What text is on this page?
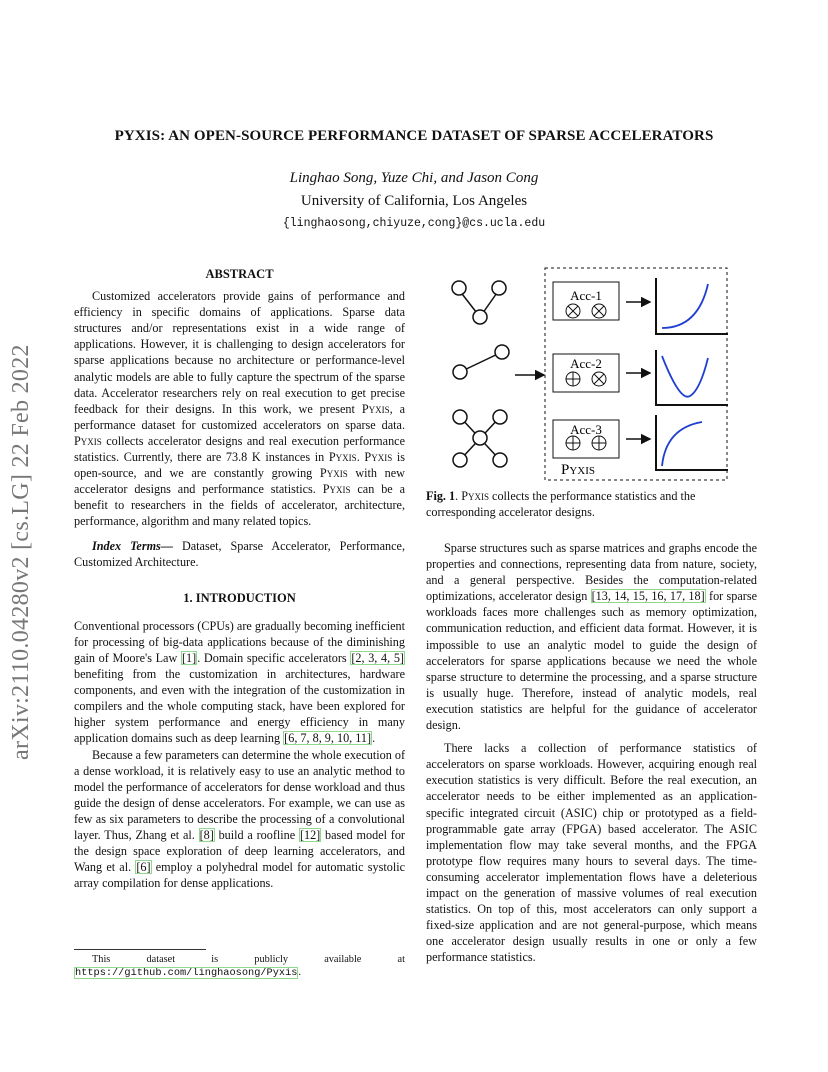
arXiv:2110.04280v2 [cs.LG] 22 Feb 2022
PYXIS: AN OPEN-SOURCE PERFORMANCE DATASET OF SPARSE ACCELERATORS
Linghao Song, Yuze Chi, and Jason Cong
University of California, Los Angeles
{linghaosong,chiyuze,cong}@cs.ucla.edu

ABSTRACT

Customized accelerators provide gains of performance and efficiency in specific domains of applications. Sparse data structures and/or representations exist in a wide range of applications. However, it is challenging to design accelerators for sparse applications because no architecture or performance-level analytic models are able to fully capture the spectrum of the sparse data. Accelerator researchers rely on real execution to get precise feedback for their designs. In this work, we present Pyxis, a performance dataset for customized accelerators on sparse data. Pyxis collects accelerator designs and real execution performance statistics. Currently, there are 73.8 K instances in Pyxis. Pyxis is open-source, and we are constantly growing Pyxis with new accelerator designs and performance statistics. Pyxis can be a benefit to researchers in the fields of accelerator, architecture, performance, algorithm and many related topics.

Index Terms— Dataset, Sparse Accelerator, Performance, Customized Architecture.

1. INTRODUCTION

Conventional processors (CPUs) are gradually becoming inefficient for processing of big-data applications because of the diminishing gain of Moore's Law [1]. Domain specific accelerators [2, 3, 4, 5] benefiting from the customization in architectures, hardware components, and even with the integration of the customization in compilers and the whole computing stack, have been explored for higher system performance and energy efficiency in many application domains such as deep learning [6, 7, 8, 9, 10, 11].

Because a few parameters can determine the whole execution of a dense workload, it is relatively easy to use an analytic method to model the performance of accelerators for dense workload and thus guide the design of dense accelerators. For example, we can use as few as six parameters to describe the processing of a convolutional layer. Thus, Zhang et al. [8] build a roofline [12] based model for the design space exploration of deep learning accelerators, and Wang et al. [6] employ a polyhedral model for automatic systolic array compilation for dense applications.

This dataset is publicly available at https://github.com/linghaosong/Pyxis.
Acc-1
Acc-2
Acc-3
Pyxis
Fig. 1. Pyxis collects the performance statistics and the corresponding accelerator designs.

Sparse structures such as sparse matrices and graphs encode the properties and connections, representing data from nature, society, and a general perspective. Besides the computation-related optimizations, accelerator design [13, 14, 15, 16, 17, 18] for sparse workloads faces more challenges such as memory optimization, communication reduction, and efficient data format. However, it is impossible to use an analytic model to guide the design of accelerators for sparse applications because we need the whole sparse structure to determine the processing, and a sparse structure is usually huge. Therefore, instead of analytic models, real execution statistics are helpful for the guidance of accelerator design.

There lacks a collection of performance statistics of accelerators on sparse workloads. However, acquiring enough real execution statistics is very difficult. Before the real execution, an accelerator needs to be either implemented as an application-specific integrated circuit (ASIC) chip or prototyped as a field-programmable gate array (FPGA) based accelerator. The ASIC implementation flow may take several months, and the FPGA prototype flow requires many hours to several days. The time-consuming accelerator implementation flows have a deleterious impact on the generation of massive volumes of real execution statistics. On top of this, most accelerators can only support a fixed-size application and are not general-purpose, which means one accelerator design usually results in one or only a few performance statistics.
